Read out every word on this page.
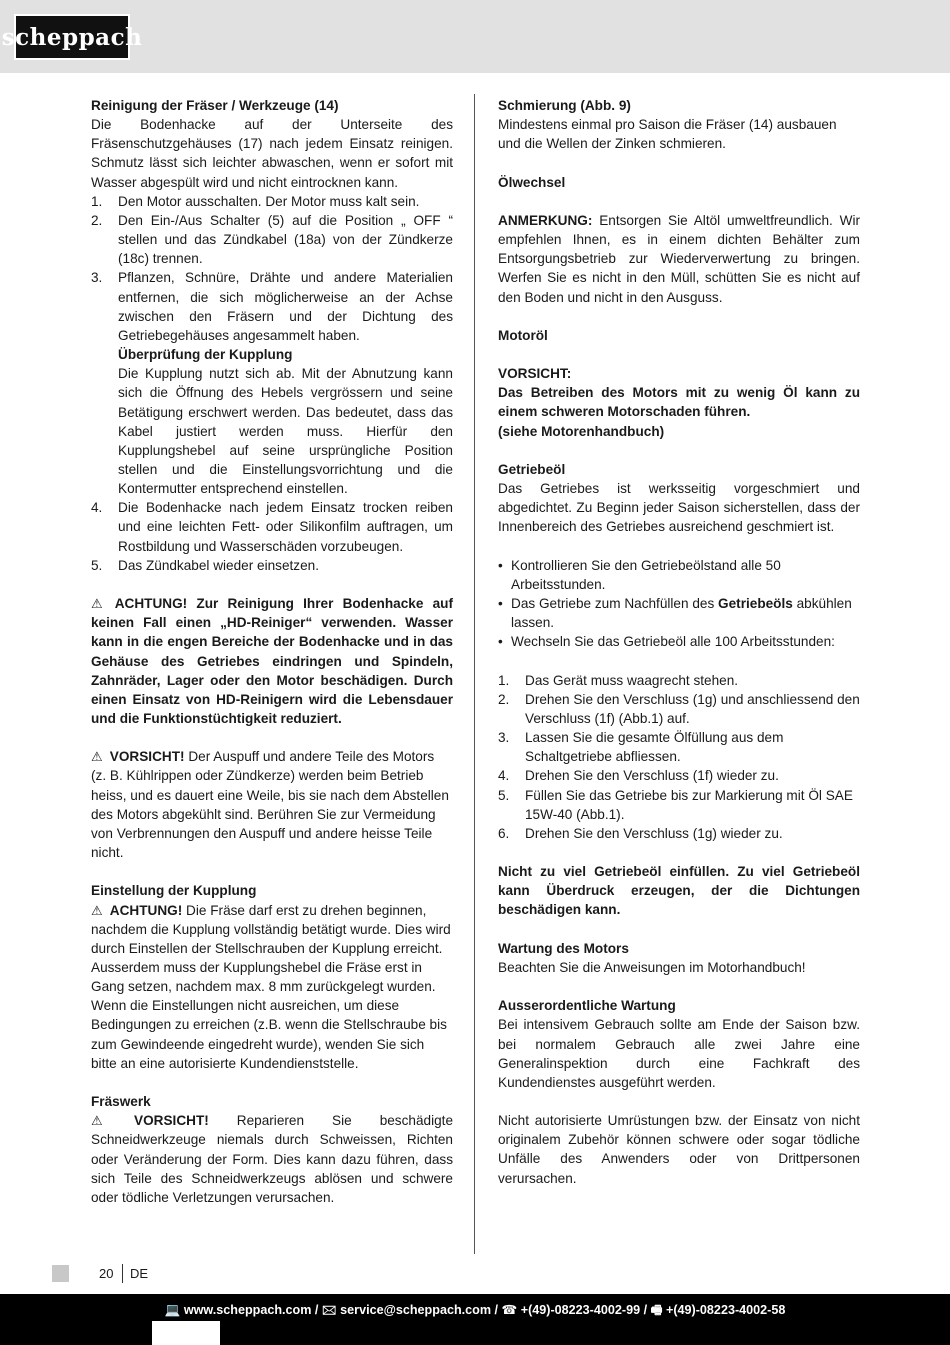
scheppach
Reinigung der Fräser / Werkzeuge (14)
Die Bodenhacke auf der Unterseite des Fräsenschutzgehäuses (17) nach jedem Einsatz reinigen. Schmutz lässt sich leichter abwaschen, wenn er sofort mit Wasser abgespült wird und nicht eintrocknen kann.
1.	Den Motor ausschalten. Der Motor muss kalt sein.
2.	Den Ein-/Aus Schalter (5) auf die Position „ OFF “ stellen und das Zündkabel (18a) von der Zündkerze (18c) trennen.
3.	Pflanzen, Schnüre, Drähte und andere Materialien entfernen, die sich möglicherweise an der Achse zwischen den Fräsern und der Dichtung des Getriebegehäuses angesammelt haben.
Überprüfung der Kupplung
Die Kupplung nutzt sich ab. Mit der Abnutzung kann sich die Öffnung des Hebels vergrössern und seine Betätigung erschwert werden. Das bedeutet, dass das Kabel justiert werden muss. Hierfür den Kupplungshebel auf seine ursprüngliche Position stellen und die Einstellungsvorrichtung und die Kontermutter entsprechend einstellen.
4.	Die Bodenhacke nach jedem Einsatz trocken reiben und eine leichten Fett- oder Silikonfilm auftragen, um Rostbildung und Wasserschäden vorzubeugen.
5.	Das Zündkabel wieder einsetzen.
⚠ ACHTUNG! Zur Reinigung Ihrer Bodenhacke auf keinen Fall einen „HD-Reiniger“ verwenden. Wasser kann in die engen Bereiche der Bodenhacke und in das Gehäuse des Getriebes eindringen und Spindeln, Zahnräder, Lager oder den Motor beschädigen. Durch einen Einsatz von HD-Reinigern wird die Lebensdauer und die Funktionstüchtigkeit reduziert.
⚠ VORSICHT! Der Auspuff und andere Teile des Motors (z. B. Kühlrippen oder Zündkerze) werden beim Betrieb heiss, und es dauert eine Weile, bis sie nach dem Abstellen des Motors abgekühlt sind. Berühren Sie zur Vermeidung von Verbrennungen den Auspuff und andere heisse Teile nicht.
Einstellung der Kupplung
⚠ ACHTUNG! Die Fräse darf erst zu drehen beginnen, nachdem die Kupplung vollständig betätigt wurde. Dies wird durch Einstellen der Stellschrauben der Kupplung erreicht. Ausserdem muss der Kupplungshebel die Fräse erst in Gang setzen, nachdem max. 8 mm zurückgelegt wurden. Wenn die Einstellungen nicht ausreichen, um diese Bedingungen zu erreichen (z.B. wenn die Stellschraube bis zum Gewindeende eingedreht wurde), wenden Sie sich bitte an eine autorisierte Kundendienststelle.
Fräswerk
⚠ VORSICHT! Reparieren Sie beschädigte Schneidwerkzeuge niemals durch Schweissen, Richten oder Veränderung der Form. Dies kann dazu führen, dass sich Teile des Schneidwerkzeugs ablösen und schwere oder tödliche Verletzungen verursachen.
Schmierung (Abb. 9)
Mindestens einmal pro Saison die Fräser (14) ausbauen und die Wellen der Zinken schmieren.
Ölwechsel
ANMERKUNG: Entsorgen Sie Altöl umweltfreundlich. Wir empfehlen Ihnen, es in einem dichten Behälter zum Entsorgungsbetrieb zur Wiederverwertung zu bringen. Werfen Sie es nicht in den Müll, schütten Sie es nicht auf den Boden und nicht in den Ausguss.
Motoröl
VORSICHT:
Das Betreiben des Motors mit zu wenig Öl kann zu einem schweren Motorschaden führen.
(siehe Motorenhandbuch)
Getriebeöl
Das Getriebes ist werksseitig vorgeschmiert und abgedichtet. Zu Beginn jeder Saison sicherstellen, dass der Innenbereich des Getriebes ausreichend geschmiert ist.
• Kontrollieren Sie den Getriebeölstand alle 50 Arbeitsstunden.
• Das Getriebe zum Nachfüllen des Getriebeöls abkühlen lassen.
• Wechseln Sie das Getriebeöl alle 100 Arbeitsstunden:
1.	Das Gerät muss waagrecht stehen.
2.	Drehen Sie den Verschluss (1g) und anschliessend den Verschluss (1f) (Abb.1) auf.
3.	Lassen Sie die gesamte Ölfüllung aus dem Schaltgetriebe abfliessen.
4.	Drehen Sie den Verschluss (1f) wieder zu.
5.	Füllen Sie das Getriebe bis zur Markierung mit Öl SAE 15W-40 (Abb.1).
6.	Drehen Sie den Verschluss (1g) wieder zu.
Nicht zu viel Getriebeöl einfüllen. Zu viel Getriebeöl kann Überdruck erzeugen, der die Dichtungen beschädigen kann.
Wartung des Motors
Beachten Sie die Anweisungen im Motorhandbuch!
Ausserordentliche Wartung
Bei intensivem Gebrauch sollte am Ende der Saison bzw. bei normalem Gebrauch alle zwei Jahre eine Generalinspektion durch eine Fachkraft des Kundendienstes ausgeführt werden.
Nicht autorisierte Umrüstungen bzw. der Einsatz von nicht originalem Zubehör können schwere oder sogar tödliche Unfälle des Anwenders oder von Drittpersonen verursachen.
20 DE
💻 www.scheppach.com / 🖂 service@scheppach.com / ☎ +(49)-08223-4002-99 / 🖷 +(49)-08223-4002-58
